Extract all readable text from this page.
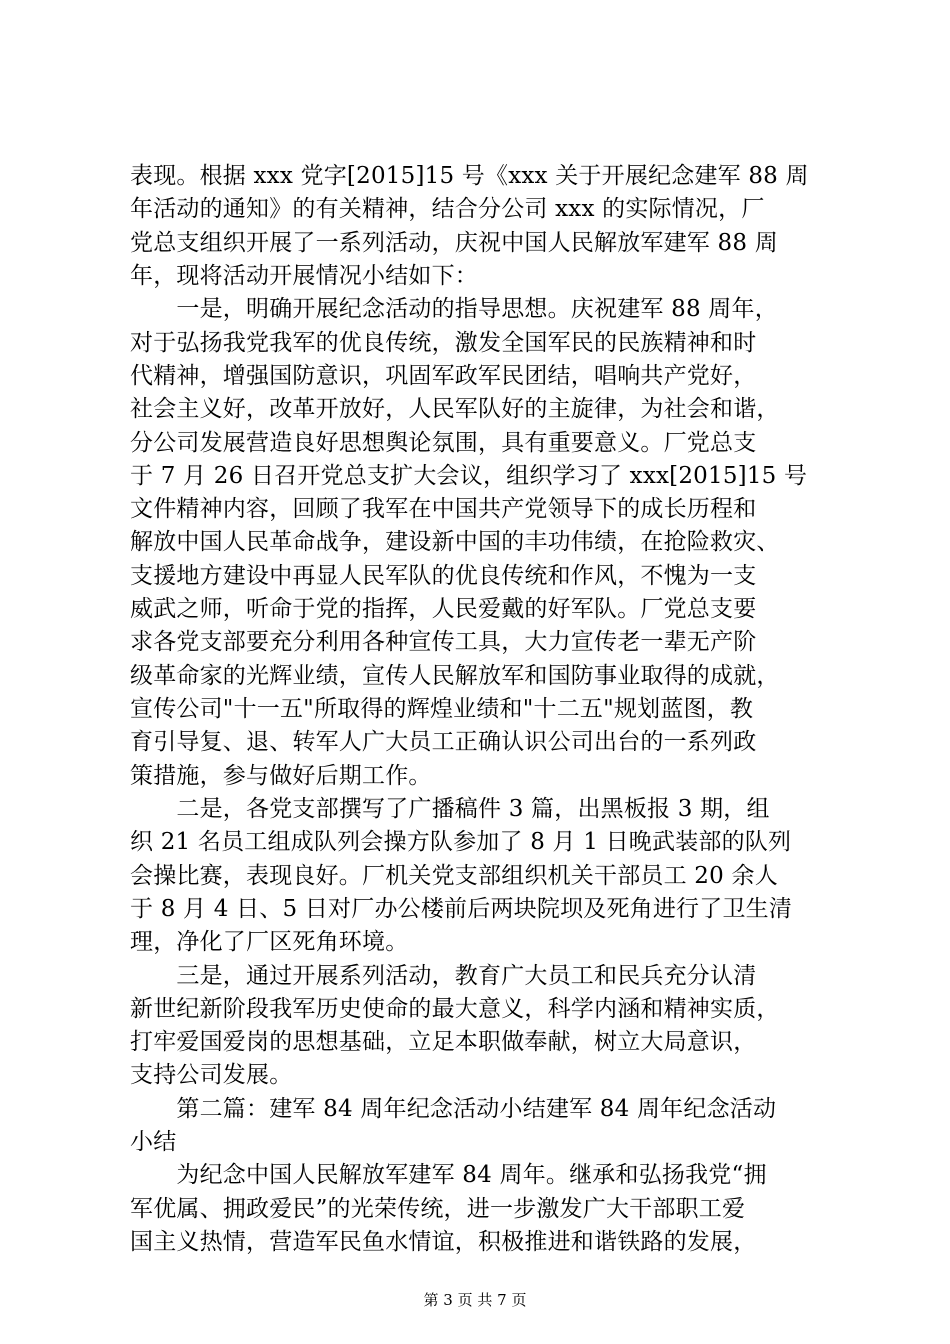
表现。根据 xxx 党字[2015]15 号《xxx 关于开展纪念建军 88 周
年活动的通知》的有关精神，结合分公司 xxx 的实际情况，厂
党总支组织开展了一系列活动，庆祝中国人民解放军建军 88 周
年，现将活动开展情况小结如下：
　　一是，明确开展纪念活动的指导思想。庆祝建军 88 周年，
对于弘扬我党我军的优良传统，激发全国军民的民族精神和时
代精神，增强国防意识，巩固军政军民团结，唱响共产党好，
社会主义好，改革开放好，人民军队好的主旋律，为社会和谐，
分公司发展营造良好思想舆论氛围，具有重要意义。厂党总支
于 7 月 26 日召开党总支扩大会议，组织学习了 xxx[2015]15 号
文件精神内容，回顾了我军在中国共产党领导下的成长历程和
解放中国人民革命战争，建设新中国的丰功伟绩，在抢险救灾、
支援地方建设中再显人民军队的优良传统和作风，不愧为一支
威武之师，听命于党的指挥，人民爱戴的好军队。厂党总支要
求各党支部要充分利用各种宣传工具，大力宣传老一辈无产阶
级革命家的光辉业绩，宣传人民解放军和国防事业取得的成就，
宣传公司"十一五"所取得的辉煌业绩和"十二五"规划蓝图，教
育引导复、退、转军人广大员工正确认识公司出台的一系列政
策措施，参与做好后期工作。
　　二是，各党支部撰写了广播稿件 3 篇，出黑板报 3 期，组
织 21 名员工组成队列会操方队参加了 8 月 1 日晚武装部的队列
会操比赛，表现良好。厂机关党支部组织机关干部员工 20 余人
于 8 月 4 日、5 日对厂办公楼前后两块院坝及死角进行了卫生清
理，净化了厂区死角环境。
　　三是，通过开展系列活动，教育广大员工和民兵充分认清
新世纪新阶段我军历史使命的最大意义，科学内涵和精神实质，
打牢爱国爱岗的思想基础，立足本职做奉献，树立大局意识，
支持公司发展。
　　第二篇：建军 84 周年纪念活动小结建军 84 周年纪念活动
小结
　　为纪念中国人民解放军建军 84 周年。继承和弘扬我党“拥
军优属、拥政爱民”的光荣传统，进一步激发广大干部职工爱
国主义热情，营造军民鱼水情谊，积极推进和谐铁路的发展，
第 3 页 共 7 页
